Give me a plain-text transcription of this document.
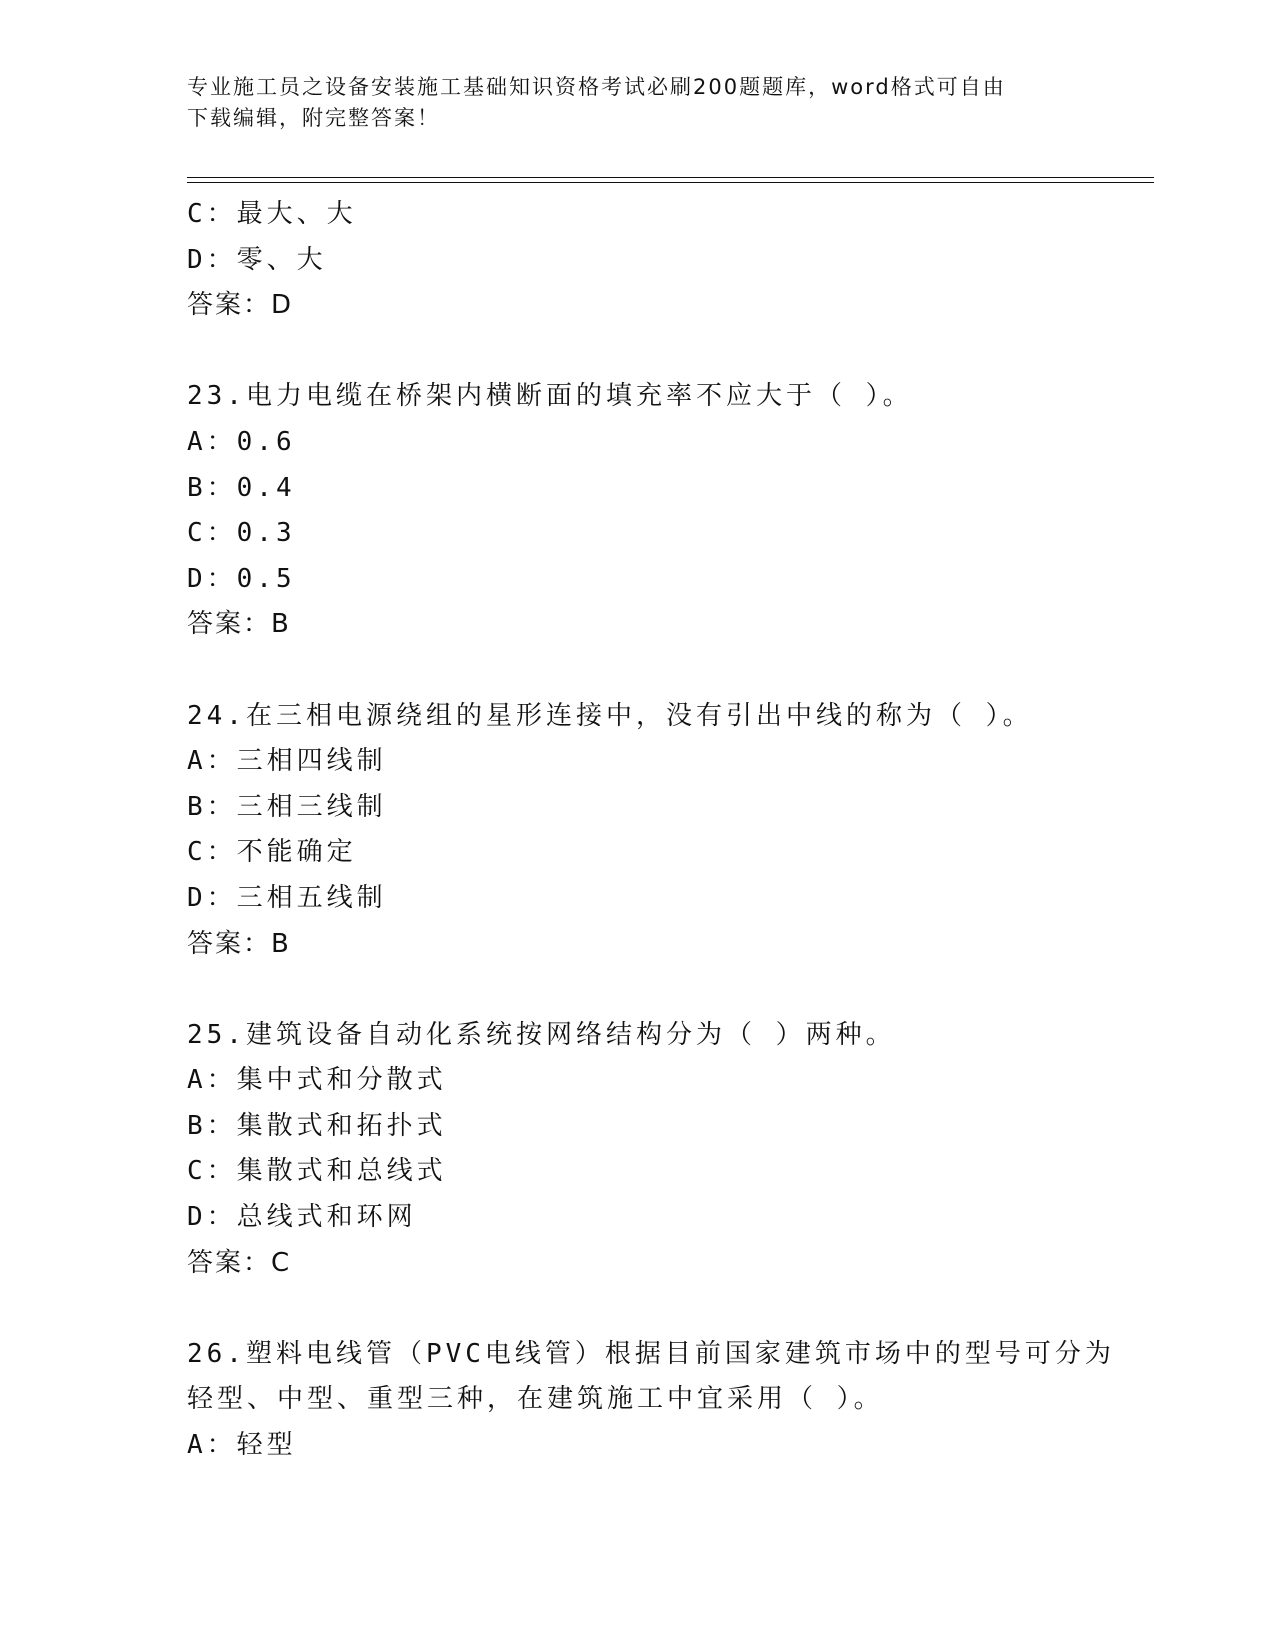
专业施工员之设备安装施工基础知识资格考试必刷200题题库，word格式可自由
下载编辑，附完整答案！
C：最大、大
D：零、大
答案：D
23.电力电缆在桥架内横断面的填充率不应大于（ ）。
A：0.6
B：0.4
C：0.3
D：0.5
答案：B
24.在三相电源绕组的星形连接中，没有引出中线的称为（ ）。
A：三相四线制
B：三相三线制
C：不能确定
D：三相五线制
答案：B
25.建筑设备自动化系统按网络结构分为（ ）两种。
A：集中式和分散式
B：集散式和拓扑式
C：集散式和总线式
D：总线式和环网
答案：C
26.塑料电线管（PVC电线管）根据目前国家建筑市场中的型号可分为
轻型、中型、重型三种，在建筑施工中宜采用（ ）。
A：轻型
